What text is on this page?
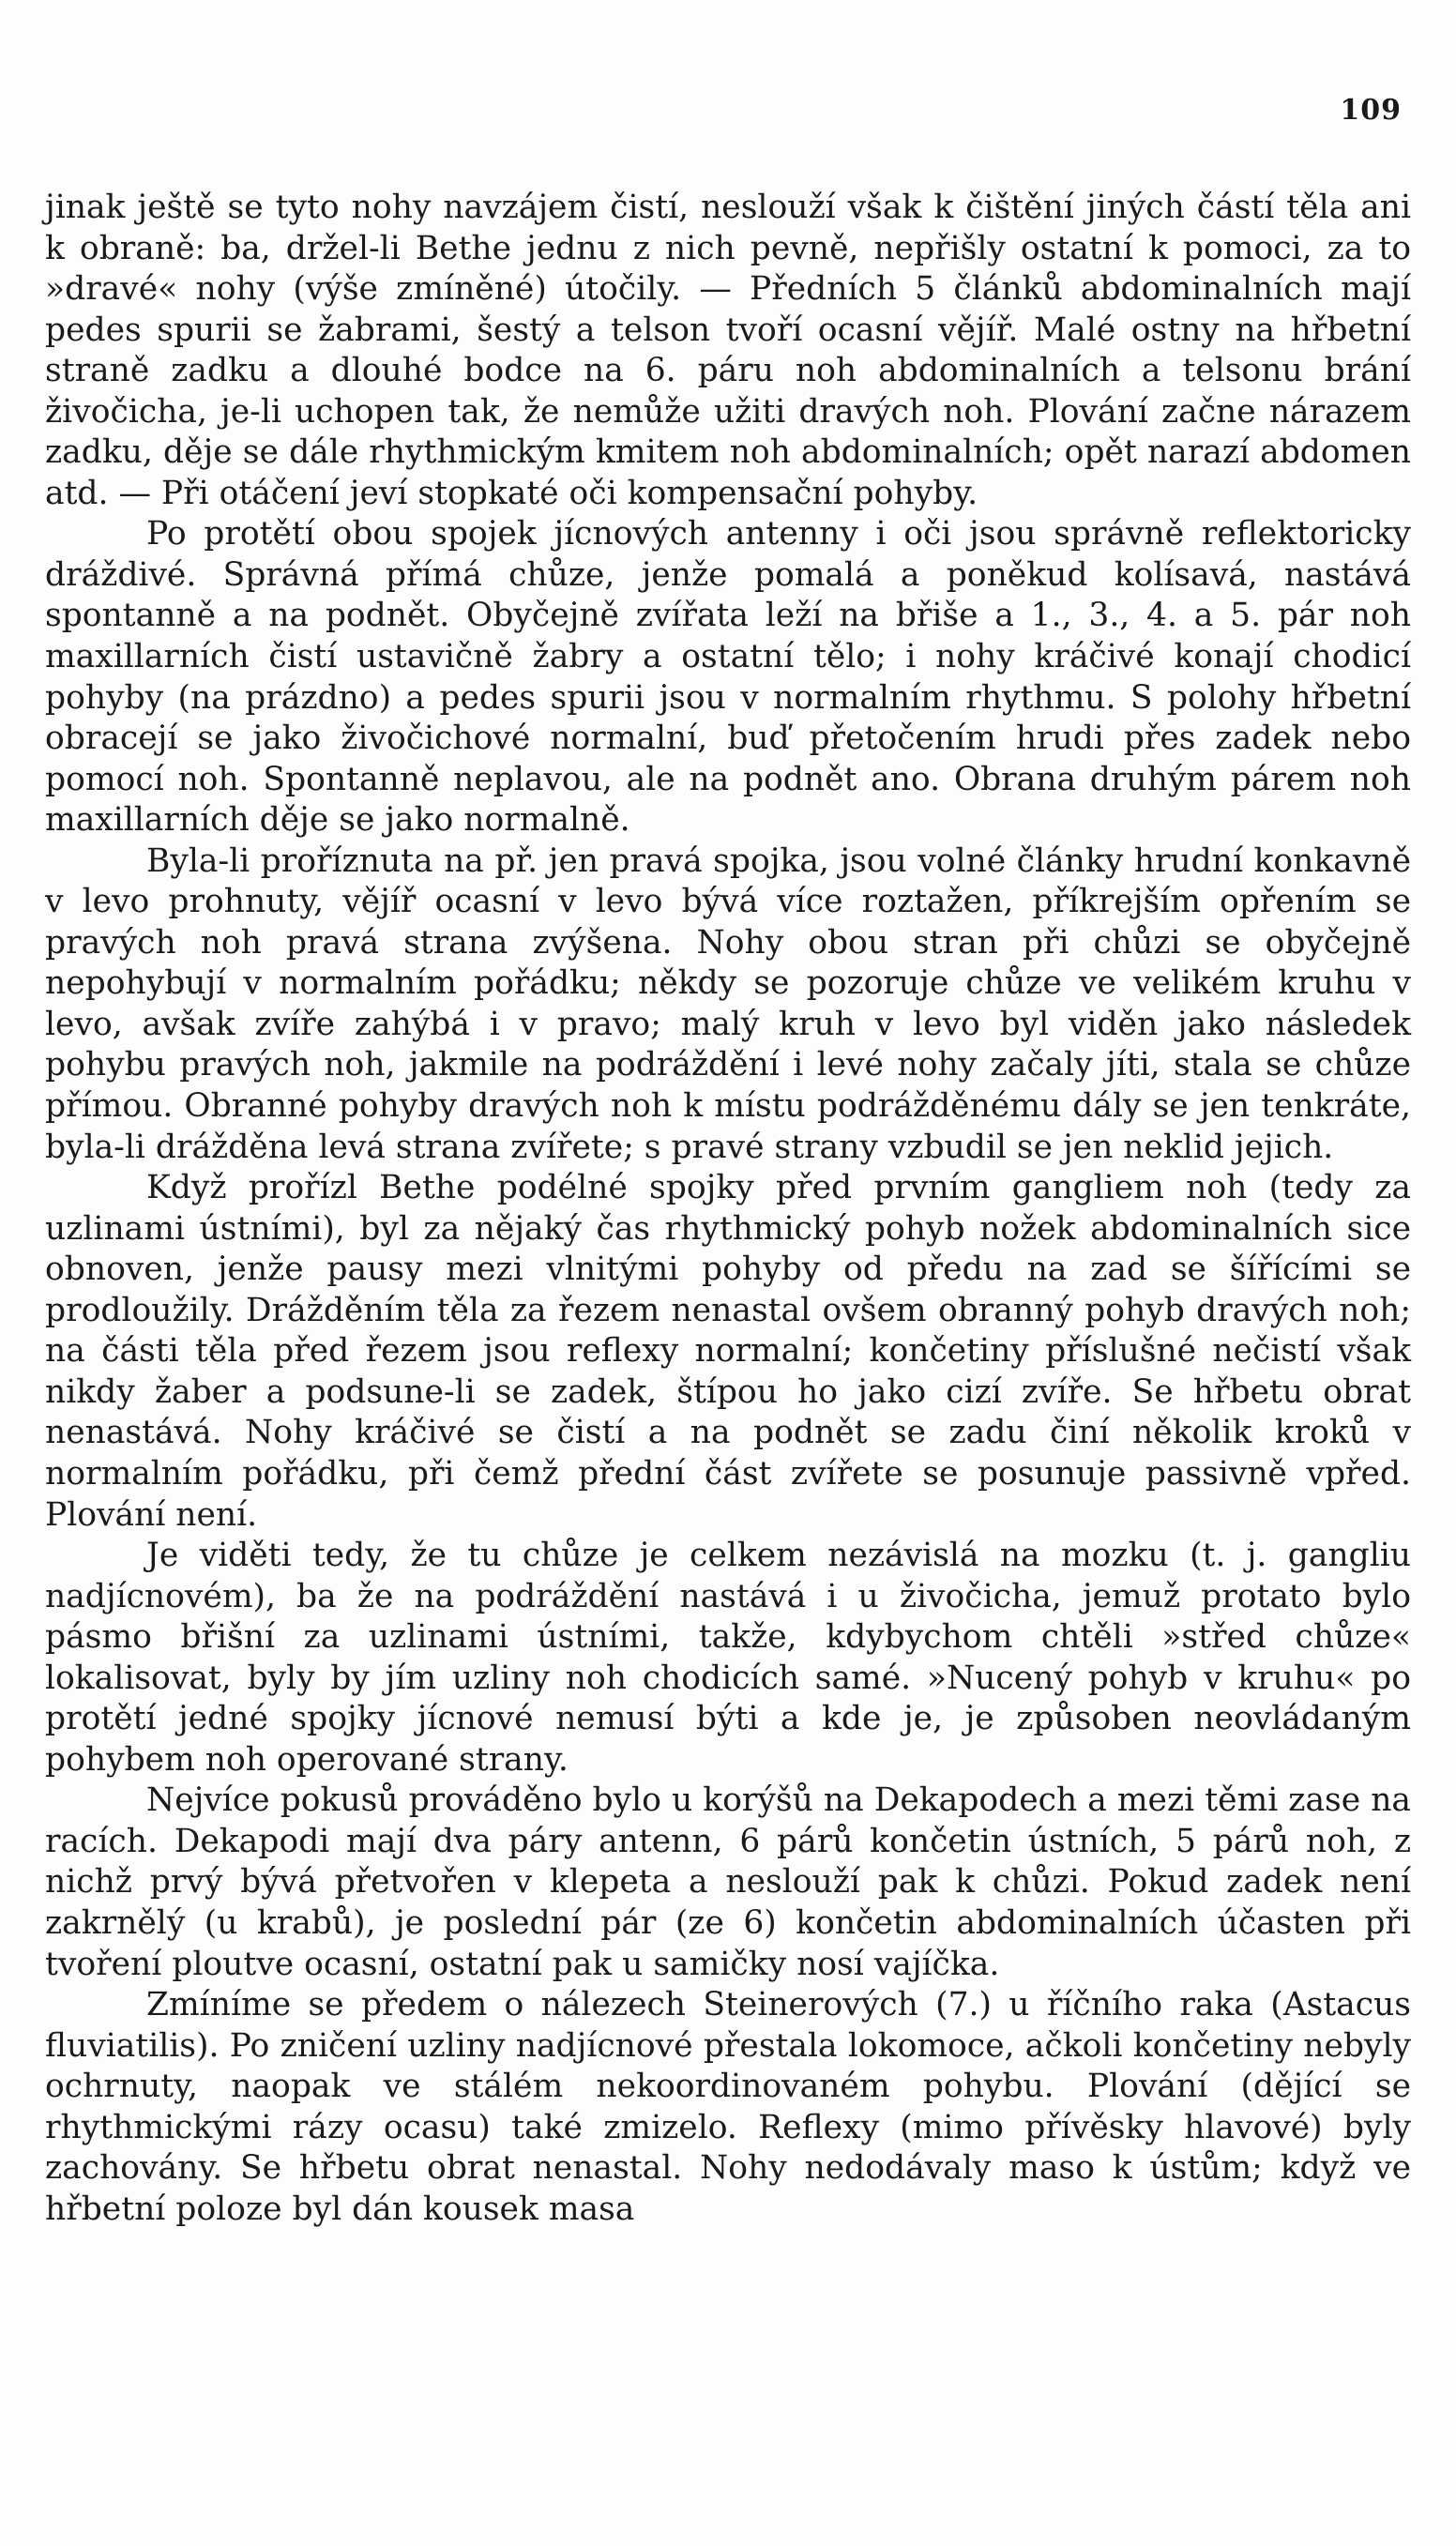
109

jinak ještě se tyto nohy navzájem čistí, neslouží však k čištění jiných částí těla ani k obraně: ba, držel-li Bethe jednu z nich pevně, nepřišly ostatní k pomoci, za to »dravé« nohy (výše zmíněné) útočily. — Předních 5 článků abdominalních mají pedes spurii se žabrami, šestý a telson tvoří ocasní vějíř. Malé ostny na hřbetní straně zadku a dlouhé bodce na 6. páru noh abdominalních a telsonu brání živočicha, je-li uchopen tak, že nemůže užiti dravých noh. Plování začne nárazem zadku, děje se dále rhythmickým kmitem noh abdominalních; opět narazí abdomen atd. — Při otáčení jeví stopkaté oči kompensační pohyby.

Po protětí obou spojek jícnových antenny i oči jsou správně reflektoricky dráždivé. Správná přímá chůze, jenže pomalá a poněkud kolísavá, nastává spontanně a na podnět. Obyčejně zvířata leží na břiše a 1., 3., 4. a 5. pár noh maxillarních čistí ustavičně žabry a ostatní tělo; i nohy kráčivé konají chodicí pohyby (na prázdno) a pedes spurii jsou v normalním rhythmu. S polohy hřbetní obracejí se jako živočichové normalní, buď přetočením hrudi přes zadek nebo pomocí noh. Spontanně neplavou, ale na podnět ano. Obrana druhým párem noh maxillarních děje se jako normalně.

Byla-li proříznuta na př. jen pravá spojka, jsou volné články hrudní konkavně v levo prohnuty, vějíř ocasní v levo bývá více roztažen, příkrejším opřením se pravých noh pravá strana zvýšena. Nohy obou stran při chůzi se obyčejně nepohybují v normalním pořádku; někdy se pozoruje chůze ve velikém kruhu v levo, avšak zvíře zahýbá i v pravo; malý kruh v levo byl viděn jako následek pohybu pravých noh, jakmile na podráždění i levé nohy začaly jíti, stala se chůze přímou. Obranné pohyby dravých noh k místu podrážděnému dály se jen tenkráte, byla-li drážděna levá strana zvířete; s pravé strany vzbudil se jen neklid jejich.

Když prořízl Bethe podélné spojky před prvním gangliem noh (tedy za uzlinami ústními), byl za nějaký čas rhythmický pohyb nožek abdominalních sice obnoven, jenže pausy mezi vlnitými pohyby od předu na zad se šířícími se prodloužily. Drážděním těla za řezem nenastal ovšem obranný pohyb dravých noh; na části těla před řezem jsou reflexy normalní; končetiny příslušné nečistí však nikdy žaber a podsune-li se zadek, štípou ho jako cizí zvíře. Se hřbetu obrat nenastává. Nohy kráčivé se čistí a na podnět se zadu činí několik kroků v normalním pořádku, při čemž přední část zvířete se posunuje passivně vpřed. Plování není.

Je viděti tedy, že tu chůze je celkem nezávislá na mozku (t. j. gangliu nadjícnovém), ba že na podráždění nastává i u živočicha, jemuž protato bylo pásmo břišní za uzlinami ústními, takže, kdybychom chtěli »střed chůze« lokalisovat, byly by jím uzliny noh chodicích samé. »Nucený pohyb v kruhu« po protětí jedné spojky jícnové nemusí býti a kde je, je způsoben neovládaným pohybem noh operované strany.

Nejvíce pokusů prováděno bylo u korýšů na Dekapodech a mezi těmi zase na racích. Dekapodi mají dva páry antenn, 6 párů končetin ústních, 5 párů noh, z nichž prvý bývá přetvořen v klepeta a neslouží pak k chůzi. Pokud zadek není zakrnělý (u krabů), je poslední pár (ze 6) končetin abdominalních účasten při tvoření ploutve ocasní, ostatní pak u samičky nosí vajíčka.

Zmíníme se předem o nálezech Steinerových (7.) u říčního raka (Astacus fluviatilis). Po zničení uzliny nadjícnové přestala lokomoce, ačkoli končetiny nebyly ochrnuty, naopak ve stálém nekoordinovaném pohybu. Plování (dějící se rhythmickými rázy ocasu) také zmizelo. Reflexy (mimo přívěsky hlavové) byly zachovány. Se hřbetu obrat nenastal. Nohy nedodávaly maso k ústům; když ve hřbetní poloze byl dán kousek masa
